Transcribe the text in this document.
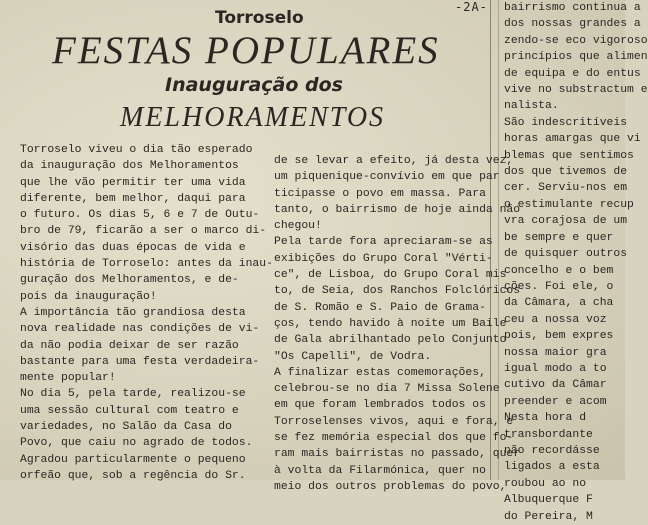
-2A-
Torroselo
FESTAS POPULARES
Inauguração dos
MELHORAMENTOS
Torroselo viveu o dia tão esperado
da inauguração dos Melhoramentos
que lhe vão permitir ter uma vida
diferente, bem melhor, daqui para
o futuro. Os dias 5, 6 e 7 de Outu-
bro de 79, ficarão a ser o marco di-
visório das duas épocas de vida e
história de Torroselo: antes da inau-
guração dos Melhoramentos, e de-
pois da inauguração!
A importância tão grandiosa desta
nova realidade nas condições de vi-
da não podia deixar de ser razão
bastante para uma festa verdadeira-
mente popular!
No dia 5, pela tarde, realizou-se
uma sessão cultural com teatro e
variedades, no Salão da Casa do
Povo, que caiu no agrado de todos.
Agradou particularmente o pequeno
orfeão que, sob a regência do Sr.
de se levar a efeito, já desta vez,
um piquenique-convívio em que par
ticipasse o povo em massa. Para
tanto, o bairrismo de hoje ainda não
chegou!
Pela tarde fora apreciaram-se as
exibições do Grupo Coral "Vérti-
ce", de Lisboa, do Grupo Coral mis
to, de Seia, dos Ranchos Folclóricos
de S. Romão e S. Paio de Grama-
ços, tendo havido à noite um Baile
de Gala abrilhantado pelo Conjunto
"Os Capelli", de Vodra.
A finalizar estas comemorações,
celebrou-se no dia 7 Missa Solene
em que foram lembrados todos os
Torroselenses vivos, aqui e fora, e
se fez memória especial dos que fo-
ram mais bairristas no passado, quer
à volta da Filarmónica, quer no
meio dos outros problemas do povo,
bairrismo continua a
dos nossas grandes a
zendo-se eco vigoroso
princípios que alimen
de equipa e do entus
vive no substractum e
nalista.
São indescritíveis
horas amargas que vi
blemas que sentimos
dos que tivemos de
cer. Serviu-nos em
o estimulante recup
vra corajosa de um
be sempre e quer
de quisquer outros
concelho e o bem
ções. Foi ele, o
da Câmara, a cha
ceu a nossa voz
pois, bem expres
nossa maior gra
igual modo a to
cutivo da Câmar
preender e acom
Nesta hora d
transbordante
não recordásse
ligados a esta
roubou ao no
Albuquerque F
do Pereira, M
